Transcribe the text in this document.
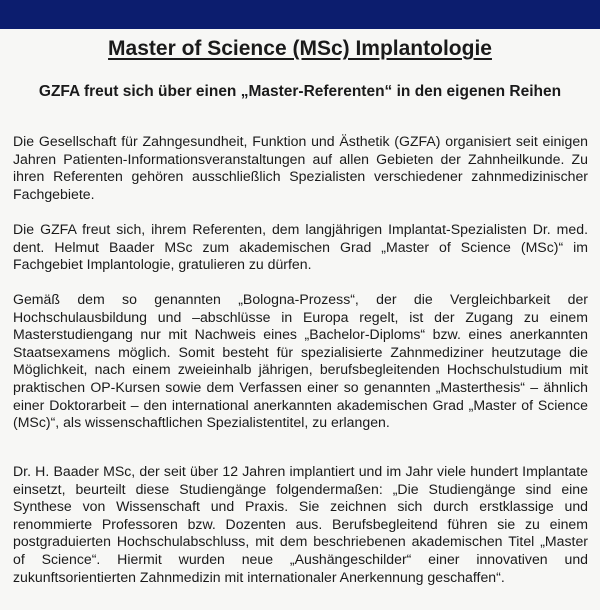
Master of Science (MSc) Implantologie
GZFA freut sich über einen „Master-Referenten“ in den eigenen Reihen

Die Gesellschaft für Zahngesundheit, Funktion und Ästhetik (GZFA) organisiert seit einigen Jahren Patienten-Informationsveranstaltungen auf allen Gebieten der Zahnheilkunde. Zu ihren Referenten gehören ausschließlich Spezialisten verschiedener zahnmedizinischer Fachgebiete.

Die GZFA freut sich, ihrem Referenten, dem langjährigen Implantat-Spezialisten Dr. med. dent. Helmut Baader MSc zum akademischen Grad „Master of Science (MSc)“ im Fachgebiet Implantologie, gratulieren zu dürfen.

Gemäß dem so genannten „Bologna-Prozess“, der die Vergleichbarkeit der Hochschulausbildung und –abschlüsse in Europa regelt, ist der Zugang zu einem Masterstudiengang nur mit Nachweis eines „Bachelor-Diploms“ bzw. eines anerkannten Staatsexamens möglich. Somit besteht für spezialisierte Zahnmediziner heutzutage die Möglichkeit, nach einem zweieinhalb jährigen, berufsbegleitenden Hochschulstudium mit praktischen OP-Kursen sowie dem Verfassen einer so genannten „Masterthesis“ – ähnlich einer Doktorarbeit – den international anerkannten akademischen Grad „Master of Science (MSc)“, als wissenschaftlichen Spezialistentitel, zu erlangen.

Dr. H. Baader MSc, der seit über 12 Jahren implantiert und im Jahr viele hundert Implantate einsetzt, beurteilt diese Studiengänge folgendermaßen: „Die Studiengänge sind eine Synthese von Wissenschaft und Praxis. Sie zeichnen sich durch erstklassige und renommierte Professoren bzw. Dozenten aus. Berufsbegleitend führen sie zu einem postgraduierten Hochschulabschluss, mit dem beschriebenen akademischen Titel „Master of Science“. Hiermit wurden neue „Aushängeschilder“ einer innovativen und zukunftsorientierten Zahnmedizin mit internationaler Anerkennung geschaffen“.
